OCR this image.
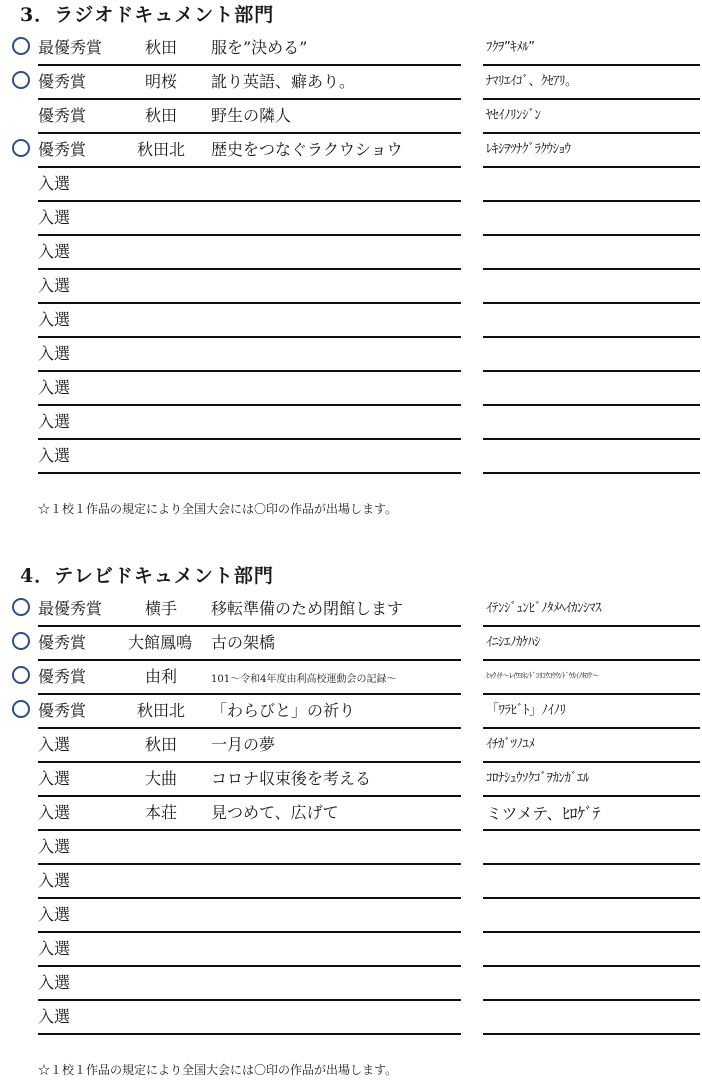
3．ラジオドキュメント部門
最優秀賞	秋田 服を”決める”	ﾌｸｦ”ｷﾒﾙ”
優秀賞	明桜 訛り英語、癖あり。	ﾅﾏﾘｴｲｺﾞ、ｸｾｱﾘ。
優秀賞	秋田 野生の隣人	ﾔｾｲﾉﾘﾝｼﾞﾝ
優秀賞	秋田北 歴史をつなぐラクウショウ	ﾚｷｼｦﾂﾅｸﾞﾗｸｳｼｮｳ
入選
入選
入選
入選
入選
入選
入選
入選
入選
☆１校１作品の規定により全国大会には〇印の作品が出場します。
4．テレビドキュメント部門
最優秀賞	横手 移転準備のため閉館します	ｲﾃﾝｼﾞｭﾝﾋﾞﾉﾀﾒﾍｲｶﾝｼﾏｽ
優秀賞	大館鳳鳴 古の架橋	ｲﾆｼｴﾉｶｹﾊｼ
優秀賞	由利	101～令和4年度由利高校運動会の記録～	ﾋｬｸｲﾁ～ﾚｲﾜﾖﾈﾝﾄﾞﾕﾘｺｳｺｳｳﾝﾄﾞｳｶｲﾉｷﾛｸ～
優秀賞	秋田北 「わらびと」の祈り	「ﾜﾗﾋﾞﾄ」ﾉｲﾉﾘ
入選	秋田 一月の夢	ｲﾁｶﾞﾂﾉﾕﾒ
入選	大曲 コロナ収束後を考える	ｺﾛﾅｼｭｳｿｸｺﾞｦｶﾝｶﾞｴﾙ
入選	本荘 見つめて、広げて	ミツメテ、ﾋﾛｹﾞﾃ
入選
入選
入選
入選
入選
入選
☆１校１作品の規定により全国大会には〇印の作品が出場します。
